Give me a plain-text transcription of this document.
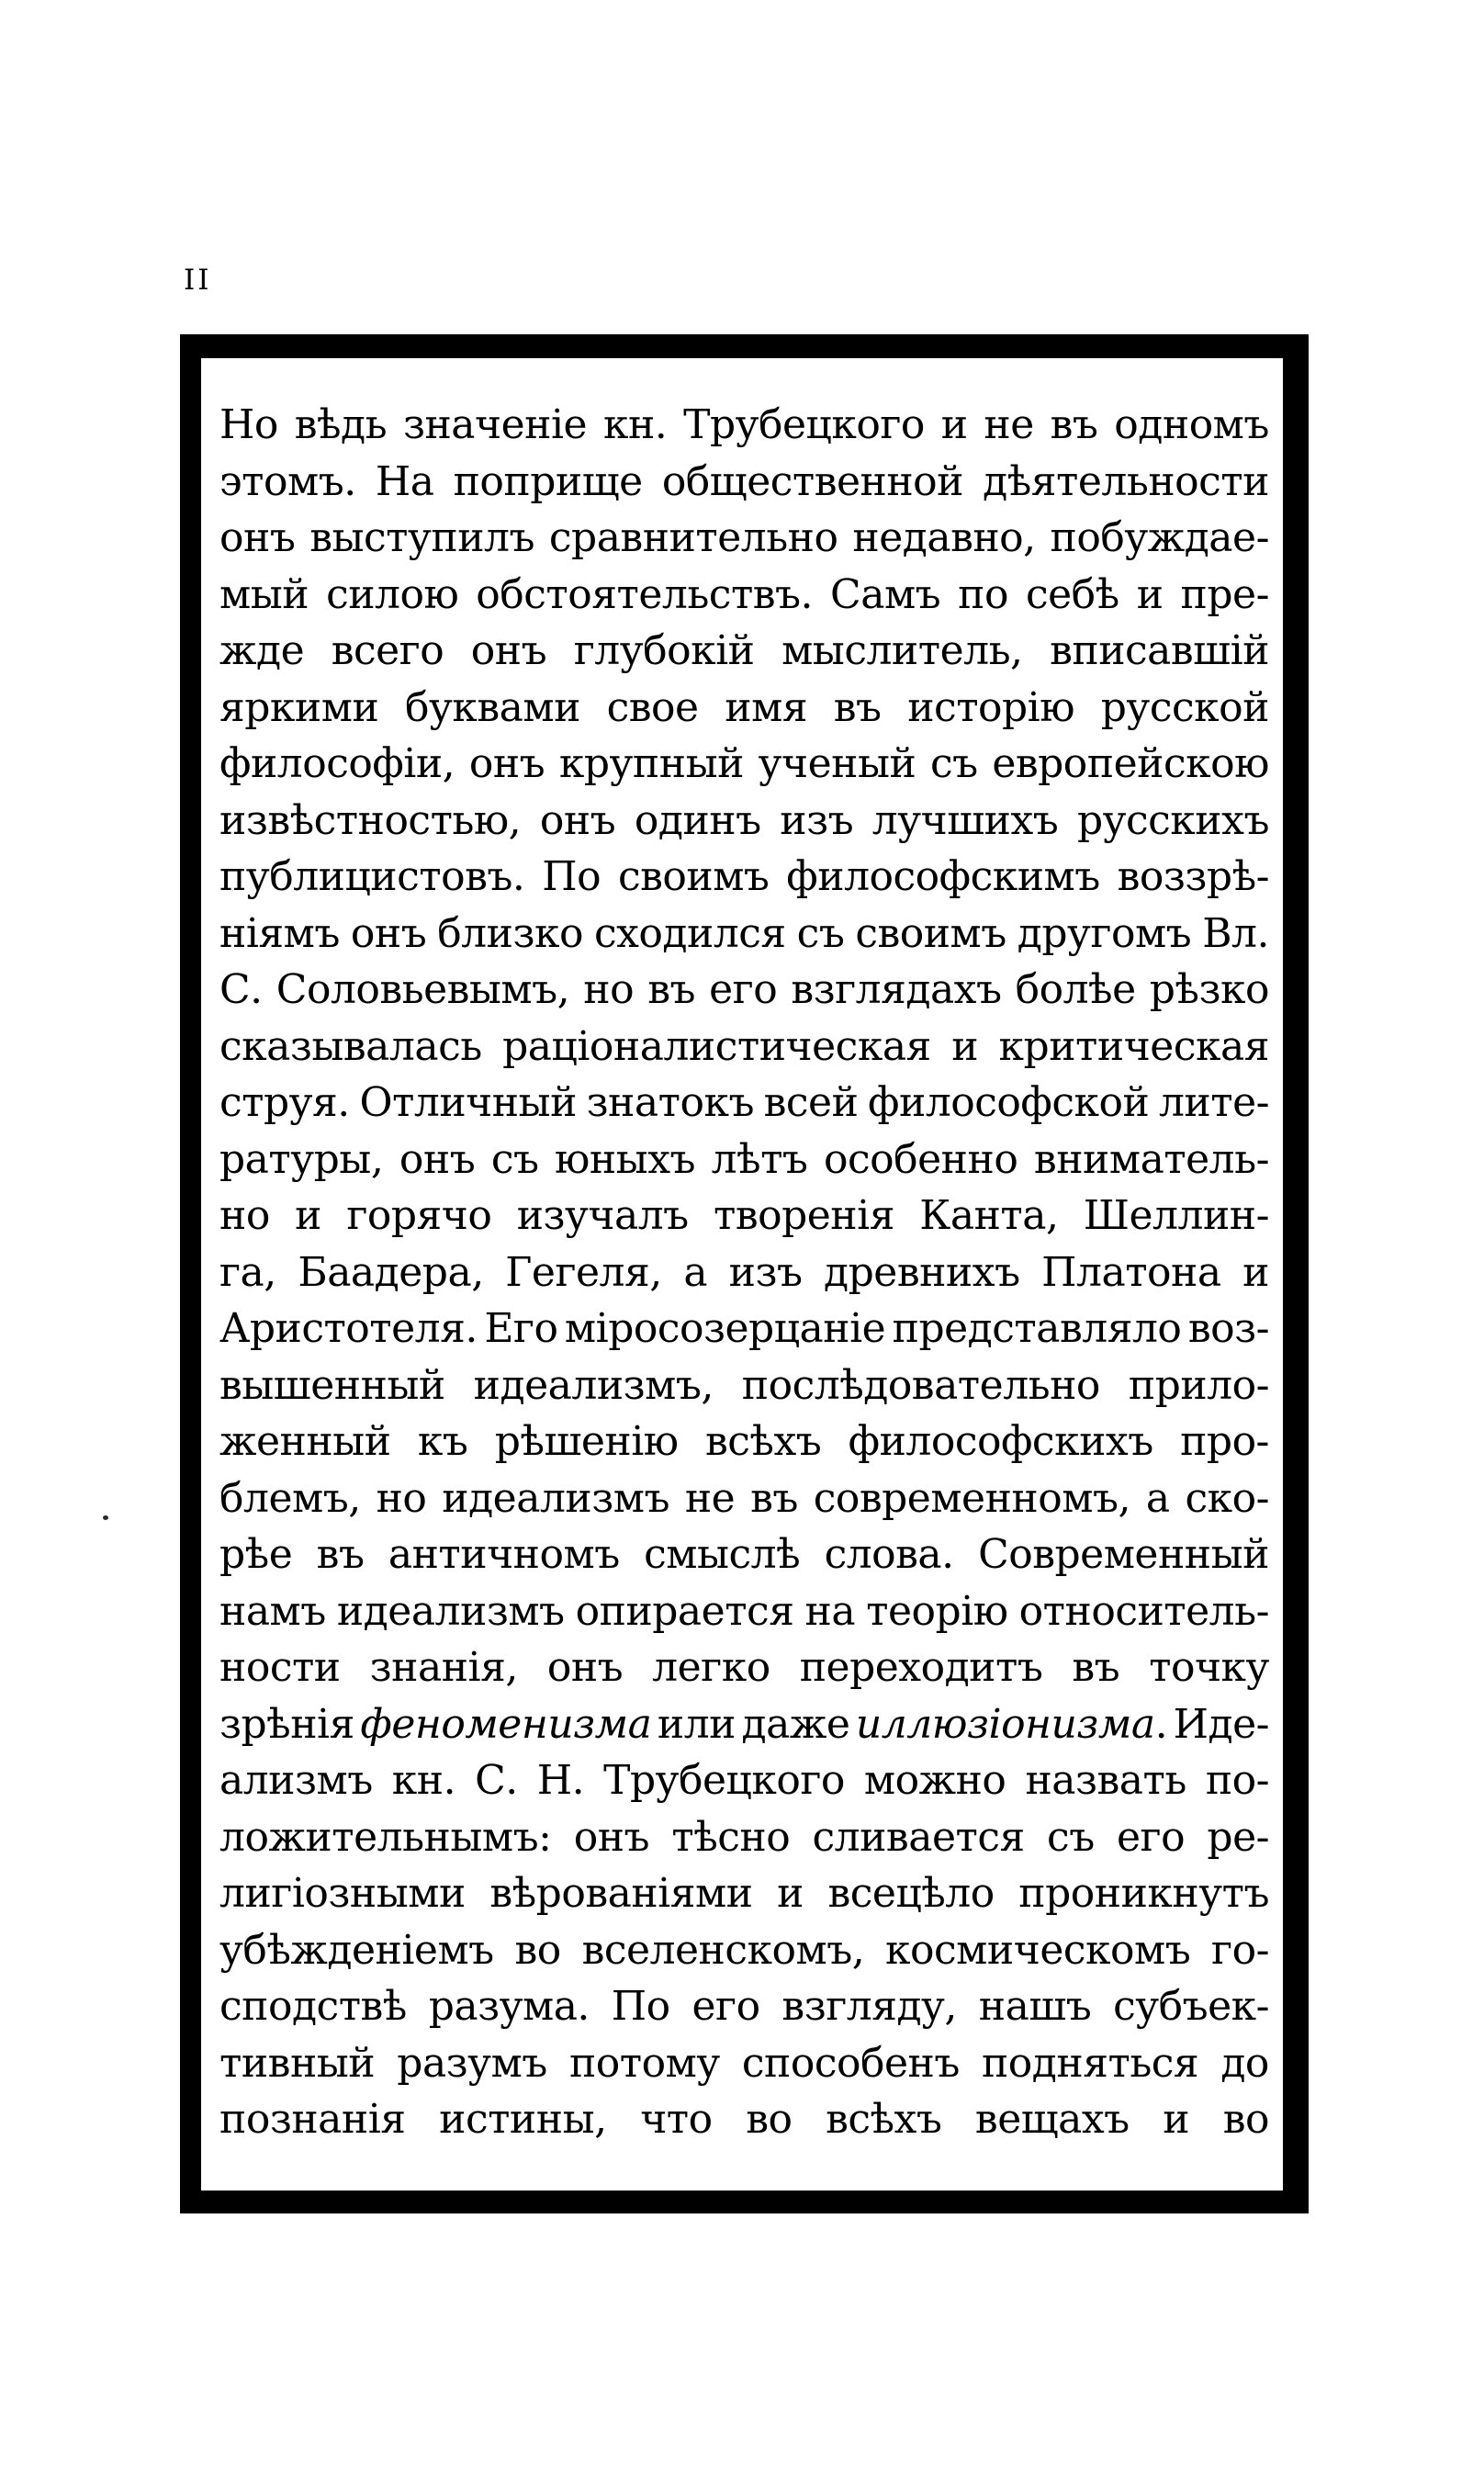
II
Но вѣдь значеніе кн. Трубецкого и не въ одномъ
этомъ. На поприще общественной дѣятельности
онъ выступилъ сравнительно недавно, побуждае-
мый силою обстоятельствъ. Самъ по себѣ и пре-
жде всего онъ глубокій мыслитель, вписавшій
яркими буквами свое имя въ исторію русской
философіи, онъ крупный ученый съ европейскою
извѣстностью, онъ одинъ изъ лучшихъ русскихъ
публицистовъ. По своимъ философскимъ воззрѣ-
ніямъ онъ близко сходился съ своимъ другомъ Вл.
С. Соловьевымъ, но въ его взглядахъ болѣе рѣзко
сказывалась раціоналистическая и критическая
струя. Отличный знатокъ всей философской лите-
ратуры, онъ съ юныхъ лѣтъ особенно вниматель-
но и горячо изучалъ творенія Канта, Шеллин-
га, Баадера, Гегеля, а изъ древнихъ Платона и
Аристотеля. Его міросозерцаніе представляло воз-
вышенный идеализмъ, послѣдовательно прило-
женный къ рѣшенію всѣхъ философскихъ про-
блемъ, но идеализмъ не въ современномъ, а ско-
рѣе въ античномъ смыслѣ слова. Современный
намъ идеализмъ опирается на теорію относитель-
ности знанія, онъ легко переходитъ въ точку
зрѣнія феноменизма или даже иллюзіонизма. Иде-
ализмъ кн. С. Н. Трубецкого можно назвать по-
ложительнымъ: онъ тѣсно сливается съ его ре-
лигіозными вѣрованіями и всецѣло проникнутъ
убѣжденіемъ во вселенскомъ, космическомъ го-
сподствѣ разума. По его взгляду, нашъ субъек-
тивный разумъ потому способенъ подняться до
познанія истины, что во всѣхъ вещахъ и во
